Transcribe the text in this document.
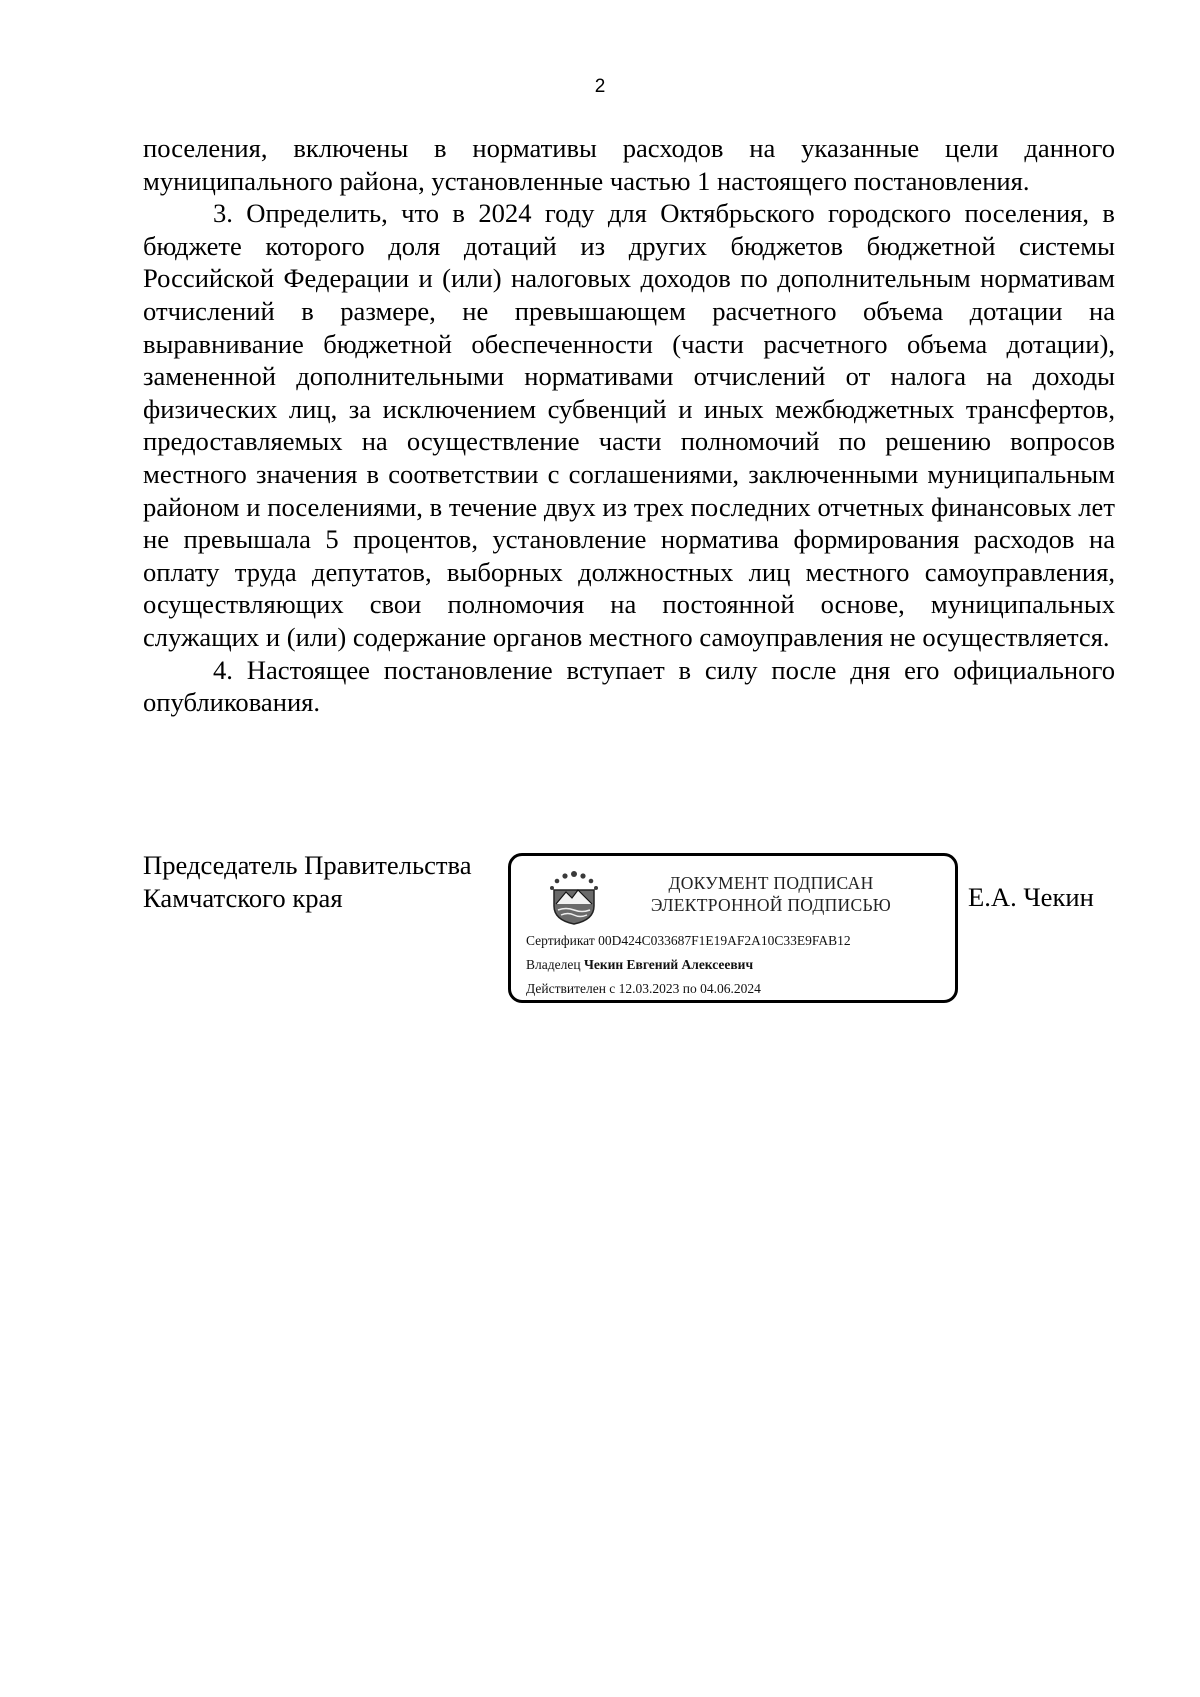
2

поселения, включены в нормативы расходов на указанные цели данного муниципального района, установленные частью 1 настоящего постановления.

3. Определить, что в 2024 году для Октябрьского городского поселения, в бюджете которого доля дотаций из других бюджетов бюджетной системы Российской Федерации и (или) налоговых доходов по дополнительным нормативам отчислений в размере, не превышающем расчетного объема дотации на выравнивание бюджетной обеспеченности (части расчетного объема дотации), замененной дополнительными нормативами отчислений от налога на доходы физических лиц, за исключением субвенций и иных межбюджетных трансфертов, предоставляемых на осуществление части полномочий по решению вопросов местного значения в соответствии с соглашениями, заключенными муниципальным районом и поселениями, в течение двух из трех последних отчетных финансовых лет не превышала 5 процентов, установление норматива формирования расходов на оплату труда депутатов, выборных должностных лиц местного самоуправления, осуществляющих свои полномочия на постоянной основе, муниципальных служащих и (или) содержание органов местного самоуправления не осуществляется.

4. Настоящее постановление вступает в силу после дня его официального опубликования.

Председатель Правительства
Камчатского края	ДОКУМЕНТ ПОДПИСАН
ЭЛЕКТРОННОЙ ПОДПИСЬЮ
Сертификат 00D424C033687F1E19AF2A10C33E9FAB12
Владелец Чекин Евгений Алексеевич
Действителен с 12.03.2023 по 04.06.2024
Е.А. Чекин
